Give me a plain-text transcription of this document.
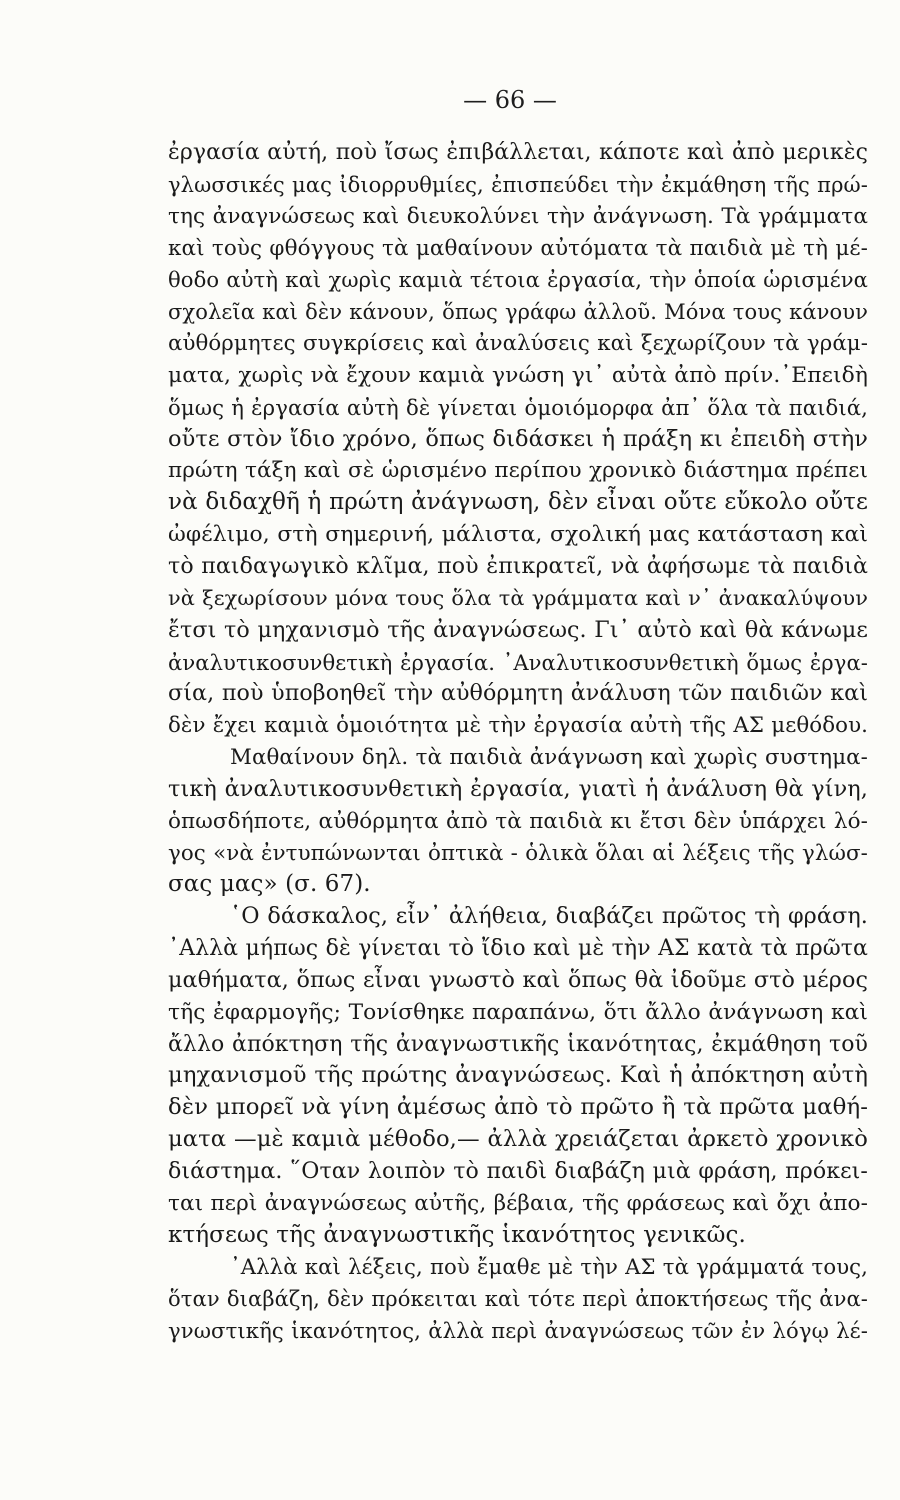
— 66 —
ἐργασία αὐτή, ποὺ ἴσως ἐπιβάλλεται, κάποτε καὶ ἀπὸ μερικὲς
γλωσσικές μας ἰδιορρυθμίες, ἐπισπεύδει τὴν ἐκμάθηση τῆς πρώ-
της ἀναγνώσεως καὶ διευκολύνει τὴν ἀνάγνωση. Τὰ γράμματα
καὶ τοὺς φθόγγους τὰ μαθαίνουν αὐτόματα τὰ παιδιὰ μὲ τὴ μέ-
θοδο αὐτὴ καὶ χωρὶς καμιὰ τέτοια ἐργασία, τὴν ὁποία ὡρισμένα
σχολεῖα καὶ δὲν κάνουν, ὅπως γράφω ἀλλοῦ. Μόνα τους κάνουν
αὐθόρμητες συγκρίσεις καὶ ἀναλύσεις καὶ ξεχωρίζουν τὰ γράμ-
ματα, χωρὶς νὰ ἔχουν καμιὰ γνώση γι᾽ αὐτὰ ἀπὸ πρίν.᾽Επειδὴ
ὅμως ἡ ἐργασία αὐτὴ δὲ γίνεται ὁμοιόμορφα ἀπ᾽ ὅλα τὰ παιδιά,
οὔτε στὸν ἴδιο χρόνο, ὅπως διδάσκει ἡ πράξη κι ἐπειδὴ στὴν
πρώτη τάξη καὶ σὲ ὡρισμένο περίπου χρονικὸ διάστημα πρέπει
νὰ διδαχθῆ ἡ πρώτη ἀνάγνωση, δὲν εἶναι οὔτε εὔκολο οὔτε
ὠφέλιμο, στὴ σημερινή, μάλιστα, σχολική μας κατάσταση καὶ
τὸ παιδαγωγικὸ κλῖμα, ποὺ ἐπικρατεῖ, νὰ ἀφήσωμε τὰ παιδιὰ
νὰ ξεχωρίσουν μόνα τους ὅλα τὰ γράμματα καὶ ν᾽ ἀνακαλύψουν
ἔτσι τὸ μηχανισμὸ τῆς ἀναγνώσεως. Γι᾽ αὐτὸ καὶ θὰ κάνωμε
ἀναλυτικοσυνθετικὴ ἐργασία. ᾽Αναλυτικοσυνθετικὴ ὅμως ἐργα-
σία, ποὺ ὑποβοηθεῖ τὴν αὐθόρμητη ἀνάλυση τῶν παιδιῶν καὶ
δὲν ἔχει καμιὰ ὁμοιότητα μὲ τὴν ἐργασία αὐτὴ τῆς ΑΣ μεθόδου.
Μαθαίνουν δηλ. τὰ παιδιὰ ἀνάγνωση καὶ χωρὶς συστημα-
τικὴ ἀναλυτικοσυνθετικὴ ἐργασία, γιατὶ ἡ ἀνάλυση θὰ γίνη,
ὁπωσδήποτε, αὐθόρμητα ἀπὸ τὰ παιδιὰ κι ἔτσι δὲν ὑπάρχει λό-
γος «νὰ ἐντυπώνωνται ὀπτικὰ - ὁλικὰ ὅλαι αἱ λέξεις τῆς γλώσ-
σας μας» (σ. 67).
῾Ο δάσκαλος, εἶν᾽ ἀλήθεια, διαβάζει πρῶτος τὴ φράση.
᾽Αλλὰ μήπως δὲ γίνεται τὸ ἴδιο καὶ μὲ τὴν ΑΣ κατὰ τὰ πρῶτα
μαθήματα, ὅπως εἶναι γνωστὸ καὶ ὅπως θὰ ἰδοῦμε στὸ μέρος
τῆς ἐφαρμογῆς; Τονίσθηκε παραπάνω, ὅτι ἄλλο ἀνάγνωση καὶ
ἄλλο ἀπόκτηση τῆς ἀναγνωστικῆς ἱκανότητας, ἐκμάθηση τοῦ
μηχανισμοῦ τῆς πρώτης ἀναγνώσεως. Καὶ ἡ ἀπόκτηση αὐτὴ
δὲν μπορεῖ νὰ γίνη ἀμέσως ἀπὸ τὸ πρῶτο ἢ τὰ πρῶτα μαθή-
ματα —μὲ καμιὰ μέθοδο,— ἀλλὰ χρειάζεται ἀρκετὸ χρονικὸ
διάστημα. ῞Οταν λοιπὸν τὸ παιδὶ διαβάζη μιὰ φράση, πρόκει-
ται περὶ ἀναγνώσεως αὐτῆς, βέβαια, τῆς φράσεως καὶ ὄχι ἀπο-
κτήσεως τῆς ἀναγνωστικῆς ἱκανότητος γενικῶς.
᾽Αλλὰ καὶ λέξεις, ποὺ ἔμαθε μὲ τὴν ΑΣ τὰ γράμματά τους,
ὅταν διαβάζη, δὲν πρόκειται καὶ τότε περὶ ἀποκτήσεως τῆς ἀνα-
γνωστικῆς ἱκανότητος, ἀλλὰ περὶ ἀναγνώσεως τῶν ἐν λόγῳ λέ-
